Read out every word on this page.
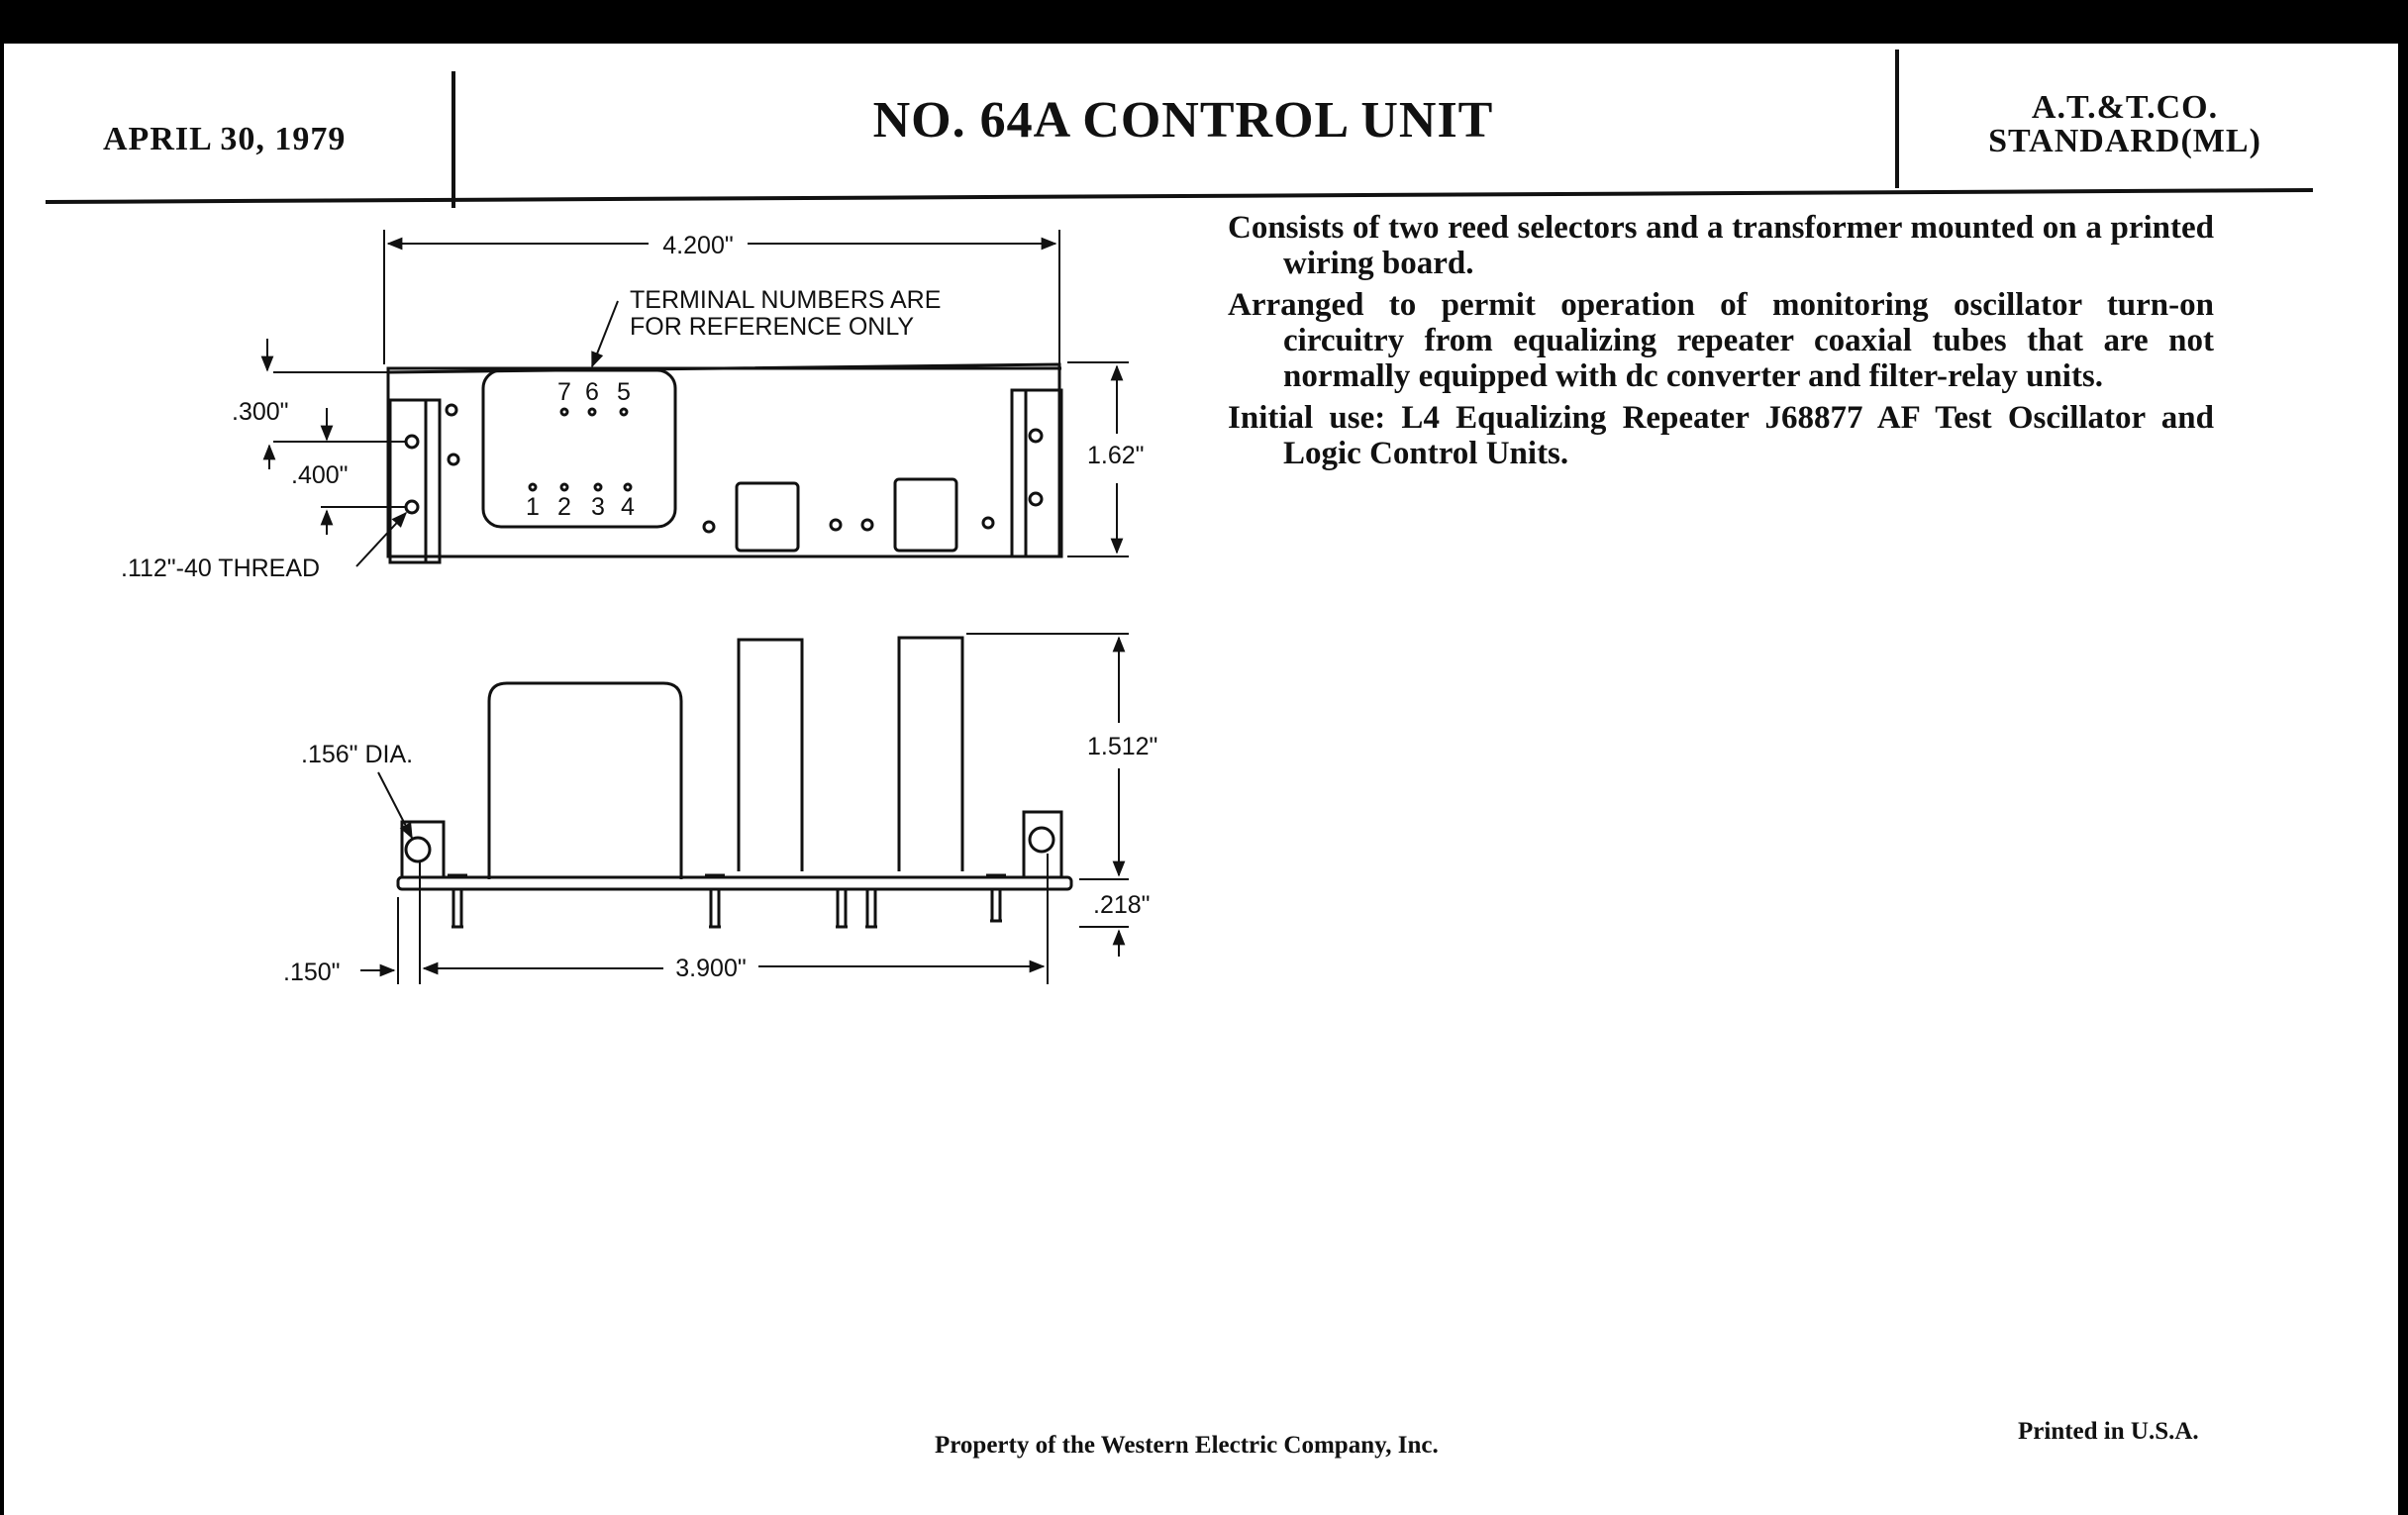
APRIL 30, 1979	NO. 64A CONTROL UNIT	A.T.&T.CO.
STANDARD(ML)

Consists of two reed selectors and a transformer mounted on a printed wiring board.

Arranged to permit operation of monitoring oscillator turn-on circuitry from equalizing repeater coaxial tubes that are not normally equipped with dc converter and filter-relay units.

Initial use: L4 Equalizing Repeater J68877 AF Test Oscillator and Logic Control Units.

4.200"
TERMINAL NUMBERS ARE
FOR REFERENCE ONLY
7 6 5
1 2 3 4
.300"
.400"
.112"-40 THREAD
1.62"
.156" DIA.	1.512"
.218"
.150"	3.900"
Property of the Western Electric Company, Inc.
Printed in U.S.A.
